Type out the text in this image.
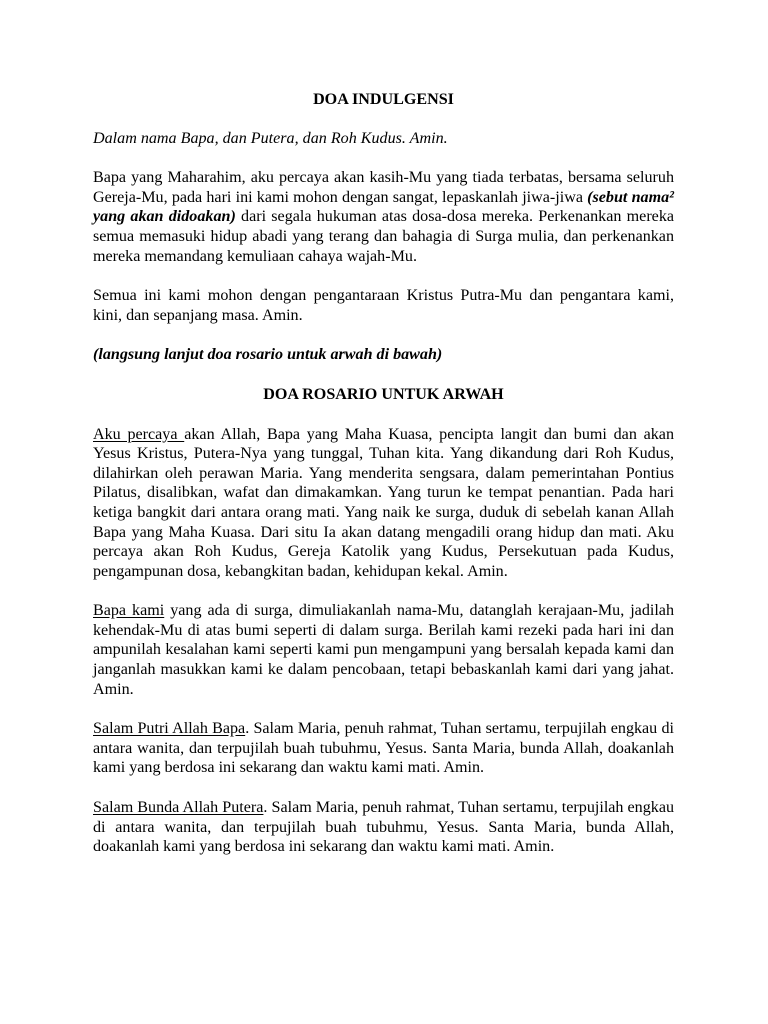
DOA INDULGENSI

Dalam nama Bapa, dan Putera, dan Roh Kudus. Amin.

Bapa yang Maharahim, aku percaya akan kasih-Mu yang tiada terbatas, bersama seluruh Gereja-Mu, pada hari ini kami mohon dengan sangat, lepaskanlah jiwa-jiwa (sebut nama² yang akan didoakan) dari segala hukuman atas dosa-dosa mereka. Perkenankan mereka semua memasuki hidup abadi yang terang dan bahagia di Surga mulia, dan perkenankan mereka memandang kemuliaan cahaya wajah-Mu.

Semua ini kami mohon dengan pengantaraan Kristus Putra-Mu dan pengantara kami, kini, dan sepanjang masa. Amin.

(langsung lanjut doa rosario untuk arwah di bawah)

DOA ROSARIO UNTUK ARWAH

Aku percaya akan Allah, Bapa yang Maha Kuasa, pencipta langit dan bumi dan akan Yesus Kristus, Putera-Nya yang tunggal, Tuhan kita. Yang dikandung dari Roh Kudus, dilahirkan oleh perawan Maria. Yang menderita sengsara, dalam pemerintahan Pontius Pilatus, disalibkan, wafat dan dimakamkan. Yang turun ke tempat penantian. Pada hari ketiga bangkit dari antara orang mati. Yang naik ke surga, duduk di sebelah kanan Allah Bapa yang Maha Kuasa. Dari situ Ia akan datang mengadili orang hidup dan mati. Aku percaya akan Roh Kudus, Gereja Katolik yang Kudus, Persekutuan pada Kudus, pengampunan dosa, kebangkitan badan, kehidupan kekal. Amin.

Bapa kami yang ada di surga, dimuliakanlah nama-Mu, datanglah kerajaan-Mu, jadilah kehendak-Mu di atas bumi seperti di dalam surga. Berilah kami rezeki pada hari ini dan ampunilah kesalahan kami seperti kami pun mengampuni yang bersalah kepada kami dan janganlah masukkan kami ke dalam pencobaan, tetapi bebaskanlah kami dari yang jahat. Amin.

Salam Putri Allah Bapa. Salam Maria, penuh rahmat, Tuhan sertamu, terpujilah engkau di antara wanita, dan terpujilah buah tubuhmu, Yesus. Santa Maria, bunda Allah, doakanlah kami yang berdosa ini sekarang dan waktu kami mati. Amin.

Salam Bunda Allah Putera. Salam Maria, penuh rahmat, Tuhan sertamu, terpujilah engkau di antara wanita, dan terpujilah buah tubuhmu, Yesus. Santa Maria, bunda Allah, doakanlah kami yang berdosa ini sekarang dan waktu kami mati. Amin.
